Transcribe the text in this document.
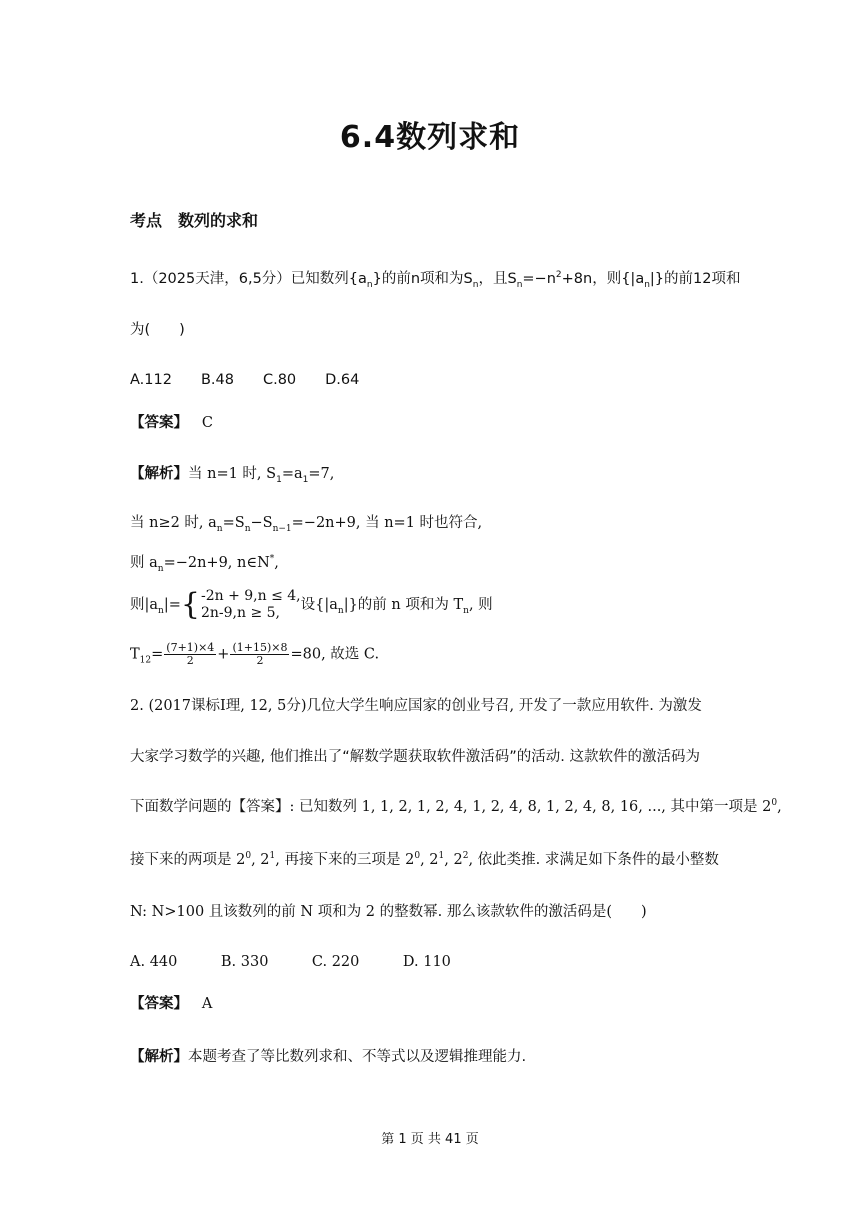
6.4数列求和
考点　数列的求和
1.（2025天津，6,5分）已知数列$\{a_n\}$的前n项和为$S_n$，且$S_n=-n^2+8n$，则$\{|a_n|\}$的前12项和
为(　　)
A.112　　B.48　　C.80　　D.64
【答案】 C
【解析】当 n=1 时, $S_1=a_1=7$,
当 n≥2 时, $a_n=S_n-S_{n-1}=-2n+9$, 当 n=1 时也符合,
则 $a_n=-2n+9$, n∈N*,
则$|a_n|=${ -2n + 9,n ≤ 4,
2n-9,n ≥ 5,	设$\{|a_n|\}$的前 n 项和为 $T_n$, 则
$T_{12}= \frac{(7+1)\times 4}{2} + \frac{(1+15)\times 8}{2} =80$, 故选 C.
2. (2017课标Ⅰ理, 12, 5分)几位大学生响应国家的创业号召, 开发了一款应用软件. 为激发
大家学习数学的兴趣, 他们推出了“解数学题获取软件激活码”的活动. 这款软件的激活码为
下面数学问题的【答案】: 已知数列 1, 1, 2, 1, 2, 4, 1, 2, 4, 8, 1, 2, 4, 8, 16, ..., 其中第一项是 $2^0$,
接下来的两项是 $2^0$, $2^1$, 再接下来的三项是 $2^0$, $2^1$, $2^2$, 依此类推. 求满足如下条件的最小整数
N: N>100 且该数列的前 N 项和为 2 的整数幂. 那么该款软件的激活码是(　　)
A. 440　　　B. 330　　　C. 220　　　D. 110
【答案】 A
【解析】本题考查了等比数列求和、不等式以及逻辑推理能力.
第 1 页 共 41 页
